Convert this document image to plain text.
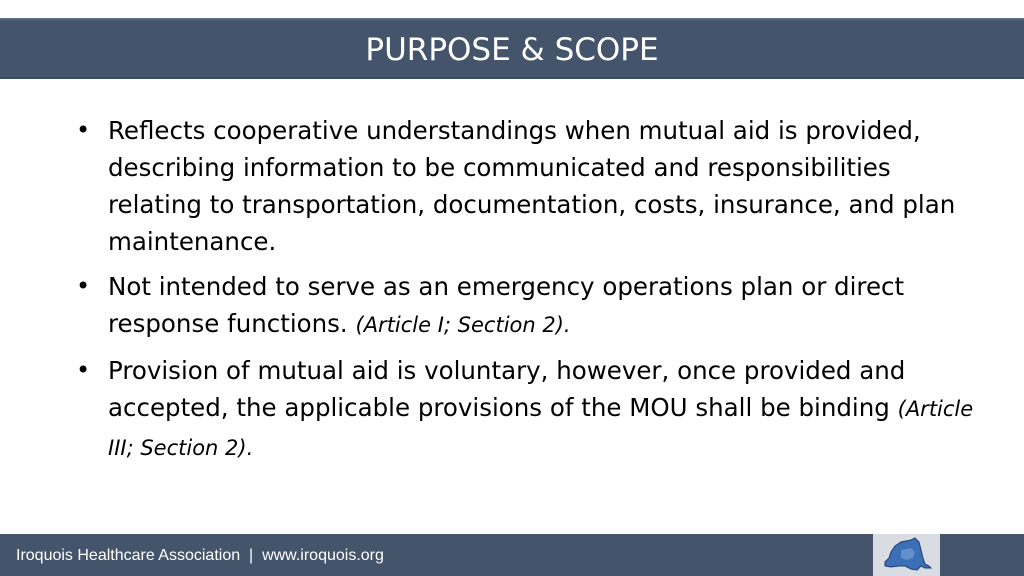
PURPOSE & SCOPE
• Reflects cooperative understandings when mutual aid is provided, describing information to be communicated and responsibilities relating to transportation, documentation, costs, insurance, and plan maintenance.
• Not intended to serve as an emergency operations plan or direct response functions. (Article I; Section 2).
• Provision of mutual aid is voluntary, however, once provided and accepted, the applicable provisions of the MOU shall be binding (Article III; Section 2).
Iroquois Healthcare Association  |  www.iroquois.org
